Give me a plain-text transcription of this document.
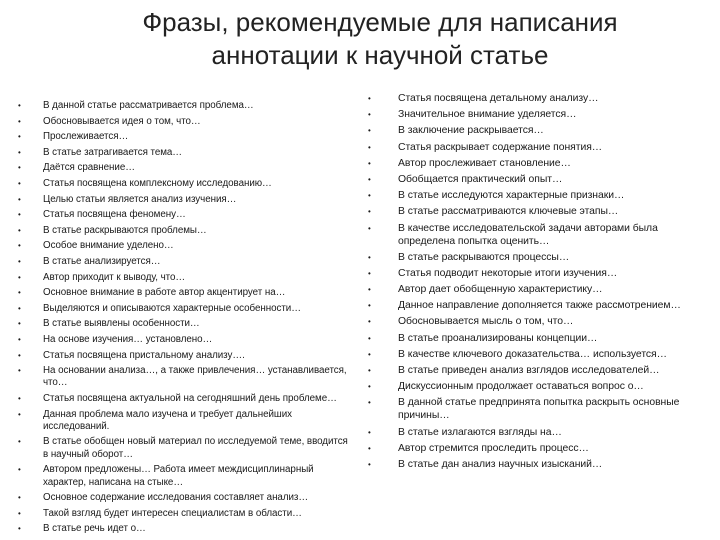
Фразы, рекомендуемые для написания
аннотации к научной статье
• В данной статье рассматривается проблема…
• Обосновывается идея о том, что…
• Прослеживается…
• В статье затрагивается тема…
• Даётся сравнение…
• Статья посвящена комплексному исследованию…
• Целью статьи является анализ изучения…
• Статья посвящена феномену…
• В статье раскрываются проблемы…
• Особое внимание уделено…
• В статье анализируется…
• Автор приходит к выводу, что…
• Основное внимание в работе автор акцентирует на…
• Выделяются и описываются характерные особенности…
• В статье выявлены особенности…
• На основе изучения… установлено…
• Статья посвящена пристальному анализу….
• На основании анализа…, а также привлечения… устанавливается, что…
• Статья посвящена актуальной на сегодняшний день проблеме…
• Данная проблема мало изучена и требует дальнейших исследований.
• В статье обобщен новый материал по исследуемой теме, вводится в научный оборот…
• Автором предложены… Работа имеет междисциплинарный характер, написана на стыке…
• Основное содержание исследования составляет анализ…
• Такой взгляд будет интересен специалистам в области…
• В статье речь идет о…
• Статья посвящена детальному анализу…
• Значительное внимание уделяется…
• В заключение раскрывается…
• Статья раскрывает содержание понятия…
• Автор прослеживает становление…
• Обобщается практический опыт…
• В статье исследуются характерные признаки…
• В статье рассматриваются ключевые этапы…
• В качестве исследовательской задачи авторами была определена попытка оценить…
• В статье раскрываются процессы…
• Статья подводит некоторые итоги изучения…
• Автор дает обобщенную характеристику…
• Данное направление дополняется также рассмотрением…
• Обосновывается мысль о том, что…
• В статье проанализированы концепции…
• В качестве ключевого доказательства… используется…
• В статье приведен анализ взглядов исследователей…
• Дискуссионным продолжает оставаться вопрос о…
• В данной статье предпринята попытка раскрыть основные причины…
• В статье излагаются взгляды на…
• Автор стремится проследить процесс…
• В статье дан анализ научных изысканий…
